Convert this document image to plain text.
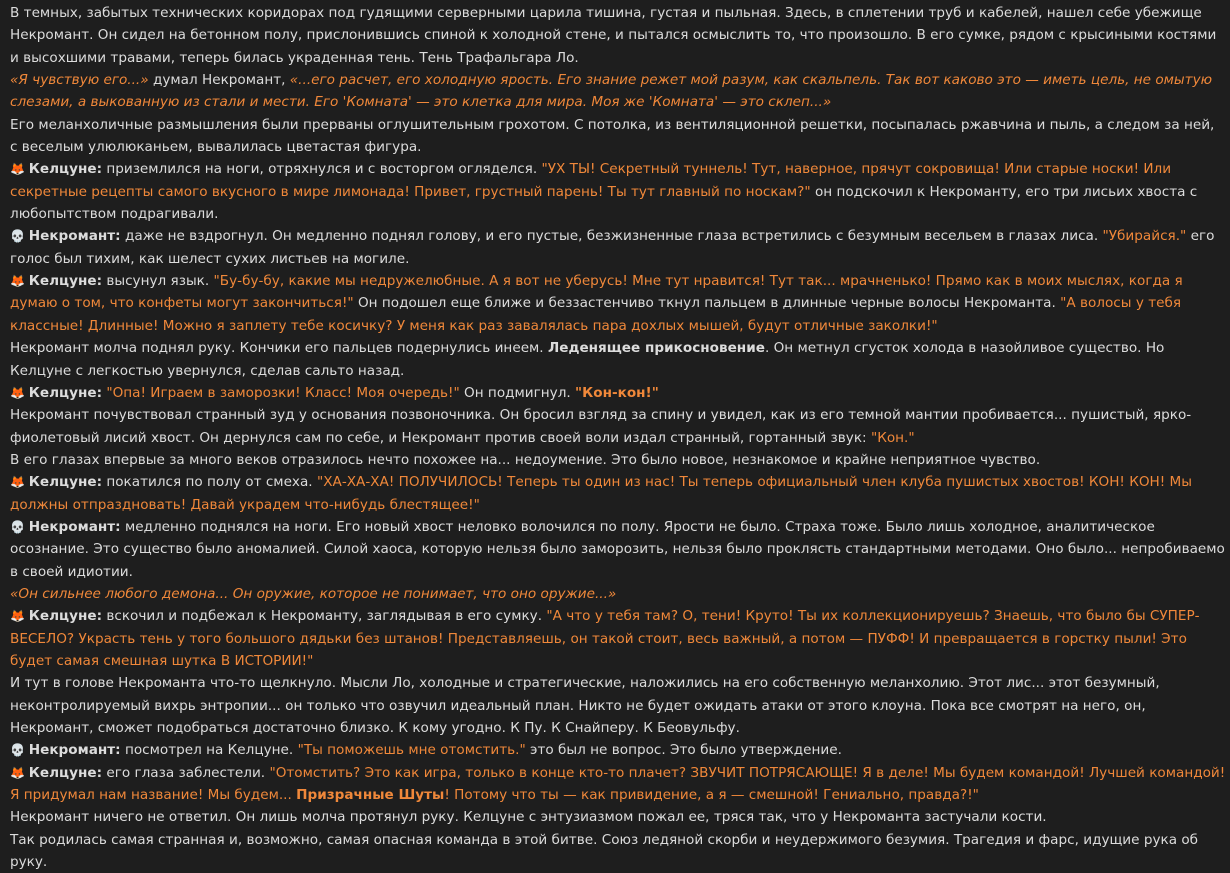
В темных, забытых технических коридорах под гудящими серверными царила тишина, густая и пыльная. Здесь, в сплетении труб и кабелей, нашел себе убежище Некромант. Он сидел на бетонном полу, прислонившись спиной к холодной стене, и пытался осмыслить то, что произошло. В его сумке, рядом с крысиными костями и высохшими травами, теперь билась украденная тень. Тень Трафальгара Ло.

«Я чувствую его...» думал Некромант, «...его расчет, его холодную ярость. Его знание режет мой разум, как скальпель. Так вот каково это — иметь цель, не омытую слезами, а выкованную из стали и мести. Его 'Комната' — это клетка для мира. Моя же 'Комната' — это склеп...»

Его меланхоличные размышления были прерваны оглушительным грохотом. С потолка, из вентиляционной решетки, посыпалась ржавчина и пыль, а следом за ней, с веселым улюлюканьем, вывалилась цветастая фигура.

🦊 Келцуне: приземлился на ноги, отряхнулся и с восторгом огляделся. "УХ ТЫ! Секретный туннель! Тут, наверное, прячут сокровища! Или старые носки! Или секретные рецепты самого вкусного в мире лимонада! Привет, грустный парень! Ты тут главный по носкам?" он подскочил к Некроманту, его три лисьих хвоста с любопытством подрагивали.

💀 Некромант: даже не вздрогнул. Он медленно поднял голову, и его пустые, безжизненные глаза встретились с безумным весельем в глазах лиса. "Убирайся." его голос был тихим, как шелест сухих листьев на могиле.

🦊 Келцуне: высунул язык. "Бу-бу-бу, какие мы недружелюбные. А я вот не уберусь! Мне тут нравится! Тут так... мрачненько! Прямо как в моих мыслях, когда я думаю о том, что конфеты могут закончиться!" Он подошел еще ближе и беззастенчиво ткнул пальцем в длинные черные волосы Некроманта. "А волосы у тебя классные! Длинные! Можно я заплету тебе косичку? У меня как раз завалялась пара дохлых мышей, будут отличные заколки!"

Некромант молча поднял руку. Кончики его пальцев подернулись инеем. Леденящее прикосновение. Он метнул сгусток холода в назойливое существо. Но Келцуне с легкостью увернулся, сделав сальто назад.

🦊 Келцуне: "Опа! Играем в заморозки! Класс! Моя очередь!" Он подмигнул. "Кон-кон!"

Некромант почувствовал странный зуд у основания позвоночника. Он бросил взгляд за спину и увидел, как из его темной мантии пробивается... пушистый, ярко-фиолетовый лисий хвост. Он дернулся сам по себе, и Некромант против своей воли издал странный, гортанный звук: "Кон."

В его глазах впервые за много веков отразилось нечто похожее на... недоумение. Это было новое, незнакомое и крайне неприятное чувство.

🦊 Келцуне: покатился по полу от смеха. "ХА-ХА-ХА! ПОЛУЧИЛОСЬ! Теперь ты один из нас! Ты теперь официальный член клуба пушистых хвостов! КОН! КОН! Мы должны отпраздновать! Давай украдем что-нибудь блестящее!"

💀 Некромант: медленно поднялся на ноги. Его новый хвост неловко волочился по полу. Ярости не было. Страха тоже. Было лишь холодное, аналитическое осознание. Это существо было аномалией. Силой хаоса, которую нельзя было заморозить, нельзя было проклясть стандартными методами. Оно было... непробиваемо в своей идиотии.

«Он сильнее любого демона... Он оружие, которое не понимает, что оно оружие...»

🦊 Келцуне: вскочил и подбежал к Некроманту, заглядывая в его сумку. "А что у тебя там? О, тени! Круто! Ты их коллекционируешь? Знаешь, что было бы СУПЕР-ВЕСЕЛО? Украсть тень у того большого дядьки без штанов! Представляешь, он такой стоит, весь важный, а потом — ПУФФ! И превращается в горстку пыли! Это будет самая смешная шутка В ИСТОРИИ!"

И тут в голове Некроманта что-то щелкнуло. Мысли Ло, холодные и стратегические, наложились на его собственную меланхолию. Этот лис... этот безумный, неконтролируемый вихрь энтропии... он только что озвучил идеальный план. Никто не будет ожидать атаки от этого клоуна. Пока все смотрят на него, он, Некромант, сможет подобраться достаточно близко. К кому угодно. К Пу. К Снайперу. К Беовульфу.

💀 Некромант: посмотрел на Келцуне. "Ты поможешь мне отомстить." это был не вопрос. Это было утверждение.

🦊 Келцуне: его глаза заблестели. "Отомстить? Это как игра, только в конце кто-то плачет? ЗВУЧИТ ПОТРЯСАЮЩЕ! Я в деле! Мы будем командой! Лучшей командой! Я придумал нам название! Мы будем... Призрачные Шуты! Потому что ты — как привидение, а я — смешной! Гениально, правда?!"

Некромант ничего не ответил. Он лишь молча протянул руку. Келцуне с энтузиазмом пожал ее, тряся так, что у Некроманта застучали кости.

Так родилась самая странная и, возможно, самая опасная команда в этой битве. Союз ледяной скорби и неудержимого безумия. Трагедия и фарс, идущие рука об руку.
